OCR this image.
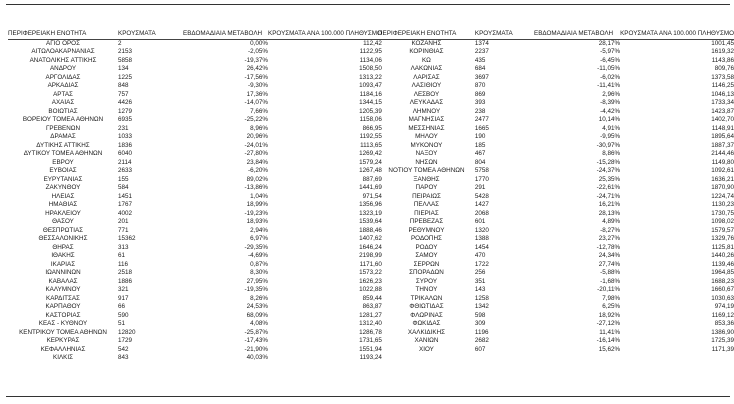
ΠΕΡΙΦΕΡΕΙΑΚΗ ΕΝΟΤΗΤΑ	ΚΡΟΥΣΜΑΤΑ	ΕΒΔΟΜΑΔΙΑΙΑ ΜΕΤΑΒΟΛΗ	ΚΡΟΥΣΜΑΤΑ ΑΝΑ 100.000 ΠΛΗΘΥΣΜΟ
ΑΓΙΟ ΟΡΟΣ	2	0,00%	112,42
ΑΙΤΩΛΟΑΚΑΡΝΑΝΙΑΣ	2153	-2,05%	1122,95
ΑΝΑΤΟΛΙΚΗΣ ΑΤΤΙΚΗΣ	5858	-19,37%	1134,06
ΑΝΔΡΟΥ	134	26,42%	1508,50
ΑΡΓΟΛΙΔΑΣ	1225	-17,56%	1313,22
ΑΡΚΑΔΙΑΣ	848	-9,30%	1093,47
ΑΡΤΑΣ	757	17,36%	1184,16
ΑΧΑΪΑΣ	4426	-14,07%	1344,15
ΒΟΙΩΤΙΑΣ	1279	7,66%	1205,39
ΒΟΡΕΙΟΥ ΤΟΜΕΑ ΑΘΗΝΩΝ	6935	-25,22%	1158,06
ΓΡΕΒΕΝΩΝ	231	8,96%	866,95
ΔΡΑΜΑΣ	1033	20,96%	1192,55
ΔΥΤΙΚΗΣ ΑΤΤΙΚΗΣ	1836	-24,01%	1113,65
ΔΥΤΙΚΟΥ ΤΟΜΕΑ ΑΘΗΝΩΝ	6040	-27,80%	1269,42
ΕΒΡΟΥ	2114	23,84%	1579,24
ΕΥΒΟΙΑΣ	2633	-6,20%	1267,48
ΕΥΡΥΤΑΝΙΑΣ	155	89,02%	887,69
ΖΑΚΥΝΘΟΥ	584	-13,86%	1441,69
ΗΛΕΙΑΣ	1451	1,04%	971,54
ΗΜΑΘΙΑΣ	1767	18,99%	1356,96
ΗΡΑΚΛΕΙΟΥ	4002	-19,23%	1323,19
ΘΑΣΟΥ	201	18,93%	1539,64
ΘΕΣΠΡΩΤΙΑΣ	771	2,94%	1888,46
ΘΕΣΣΑΛΟΝΙΚΗΣ	15362	6,97%	1407,62
ΘΗΡΑΣ	313	-29,35%	1646,24
ΙΘΑΚΗΣ	61	-4,69%	2198,99
ΙΚΑΡΙΑΣ	116	0,87%	1171,60
ΙΩΑΝΝΙΝΩΝ	2518	8,30%	1573,22
ΚΑΒΑΛΑΣ	1886	27,95%	1626,23
ΚΑΛΥΜΝΟΥ	321	-19,35%	1022,88
ΚΑΡΔΙΤΣΑΣ	917	8,26%	859,44
ΚΑΡΠΑΘΟΥ	66	24,53%	863,87
ΚΑΣΤΟΡΙΑΣ	590	68,09%	1281,27
ΚΕΑΣ - ΚΥΘΝΟΥ	51	4,08%	1312,40
ΚΕΝΤΡΙΚΟΥ ΤΟΜΕΑ ΑΘΗΝΩΝ	12820	-25,87%	1286,78
ΚΕΡΚΥΡΑΣ	1729	-17,43%	1731,65
ΚΕΦΑΛΛΗΝΙΑΣ	542	-21,90%	1551,94
ΚΙΛΚΙΣ	843	40,03%	1193,24
ΠΕΡΙΦΕΡΕΙΑΚΗ ΕΝΟΤΗΤΑ	ΚΡΟΥΣΜΑΤΑ	ΕΒΔΟΜΑΔΙΑΙΑ ΜΕΤΑΒΟΛΗ	ΚΡΟΥΣΜΑΤΑ ΑΝΑ 100.000 ΠΛΗΘΥΣΜΟ
ΚΟΖΑΝΗΣ	1374	28,17%	1001,45
ΚΟΡΙΝΘΙΑΣ	2237	-5,97%	1619,32
ΚΩ	435	-6,45%	1143,86
ΛΑΚΩΝΙΑΣ	684	-11,05%	809,76
ΛΑΡΙΣΑΣ	3697	-6,02%	1373,58
ΛΑΣΙΘΙΟΥ	870	-11,41%	1146,25
ΛΕΣΒΟΥ	869	2,96%	1046,13
ΛΕΥΚΑΔΑΣ	393	-8,39%	1733,34
ΛΗΜΝΟΥ	238	-4,42%	1423,87
ΜΑΓΝΗΣΙΑΣ	2477	10,14%	1402,70
ΜΕΣΣΗΝΙΑΣ	1665	4,91%	1148,91
ΜΗΛΟΥ	190	-9,95%	1895,64
ΜΥΚΟΝΟΥ	185	-30,97%	1887,37
ΝΑΞΟΥ	467	8,86%	2144,46
ΝΗΣΩΝ	804	-15,28%	1149,80
ΝΟΤΙΟΥ ΤΟΜΕΑ ΑΘΗΝΩΝ	5758	-24,37%	1092,61
ΞΑΝΘΗΣ	1770	25,35%	1636,21
ΠΑΡΟΥ	291	-22,61%	1870,90
ΠΕΙΡΑΙΩΣ	5428	-24,71%	1224,74
ΠΕΛΛΑΣ	1427	16,21%	1130,23
ΠΙΕΡΙΑΣ	2068	28,13%	1730,75
ΠΡΕΒΕΖΑΣ	601	4,89%	1098,02
ΡΕΘΥΜΝΟΥ	1320	-8,27%	1579,57
ΡΟΔΟΠΗΣ	1388	23,27%	1329,76
ΡΟΔΟΥ	1454	-12,78%	1125,81
ΣΑΜΟΥ	470	24,34%	1440,26
ΣΕΡΡΩΝ	1722	27,74%	1139,46
ΣΠΟΡΑΔΩΝ	256	-5,88%	1964,85
ΣΥΡΟΥ	351	-1,68%	1688,23
ΤΗΝΟΥ	143	-20,11%	1660,67
ΤΡΙΚΑΛΩΝ	1258	7,98%	1030,63
ΦΘΙΩΤΙΔΑΣ	1342	6,25%	974,19
ΦΛΩΡΙΝΑΣ	598	18,92%	1169,12
ΦΩΚΙΔΑΣ	309	-27,12%	853,36
ΧΑΛΚΙΔΙΚΗΣ	1196	11,41%	1386,90
ΧΑΝΙΩΝ	2682	-16,14%	1725,39
ΧΙΟΥ	607	15,62%	1171,39
